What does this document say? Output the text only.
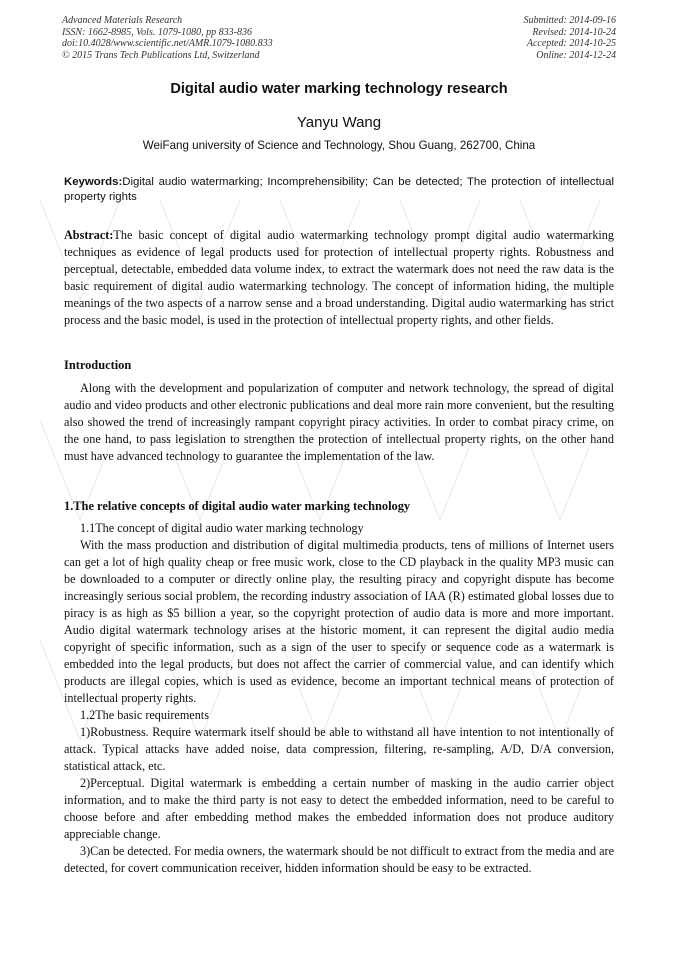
Advanced Materials Research
ISSN: 1662-8985, Vols. 1079-1080, pp 833-836
doi:10.4028/www.scientific.net/AMR.1079-1080.833
© 2015 Trans Tech Publications Ltd, Switzerland
Submitted: 2014-09-16
Revised: 2014-10-24
Accepted: 2014-10-25
Online: 2014-12-24
Digital audio water marking technology research
Yanyu Wang
WeiFang university of Science and Technology, Shou Guang, 262700, China
Keywords:Digital audio watermarking; Incomprehensibility; Can be detected; The protection of intellectual property rights
Abstract:The basic concept of digital audio watermarking technology prompt digital audio watermarking techniques as evidence of legal products used for protection of intellectual property rights. Robustness and perceptual, detectable, embedded data volume index, to extract the watermark does not need the raw data is the basic requirement of digital audio watermarking technology. The concept of information hiding, the multiple meanings of the two aspects of a narrow sense and a broad understanding. Digital audio watermarking has strict process and the basic model, is used in the protection of intellectual property rights, and other fields.
Introduction

Along with the development and popularization of computer and network technology, the spread of digital audio and video products and other electronic publications and deal more rain more convenient, but the resulting also showed the trend of increasingly rampant copyright piracy activities. In order to combat piracy crime, on the one hand, to pass legislation to strengthen the protection of intellectual property rights, on the other hand must have advanced technology to guarantee the implementation of the law.

1.The relative concepts of digital audio water marking technology

1.1The concept of digital audio water marking technology

With the mass production and distribution of digital multimedia products, tens of millions of Internet users can get a lot of high quality cheap or free music work, close to the CD playback in the quality MP3 music can be downloaded to a computer or directly online play, the resulting piracy and copyright dispute has become increasingly serious social problem, the recording industry association of IAA (R) estimated global losses due to piracy is as high as $5 billion a year, so the copyright protection of audio data is more and more important. Audio digital watermark technology arises at the historic moment, it can represent the digital audio media copyright of specific information, such as a sign of the user to specify or sequence code as a watermark is embedded into the legal products, but does not affect the carrier of commercial value, and can identify which products are illegal copies, which is used as evidence, become an important technical means of protection of intellectual property rights.

1.2The basic requirements

1)Robustness. Require watermark itself should be able to withstand all have intention to not intentionally of attack. Typical attacks have added noise, data compression, filtering, re-sampling, A/D, D/A conversion, statistical attack, etc.

2)Perceptual. Digital watermark is embedding a certain number of masking in the audio carrier object information, and to make the third party is not easy to detect the embedded information, need to be careful to choose before and after embedding method makes the embedded information does not produce auditory appreciable change.

3)Can be detected. For media owners, the watermark should be not difficult to extract from the media and are detected, for covert communication receiver, hidden information should be easy to be extracted.
